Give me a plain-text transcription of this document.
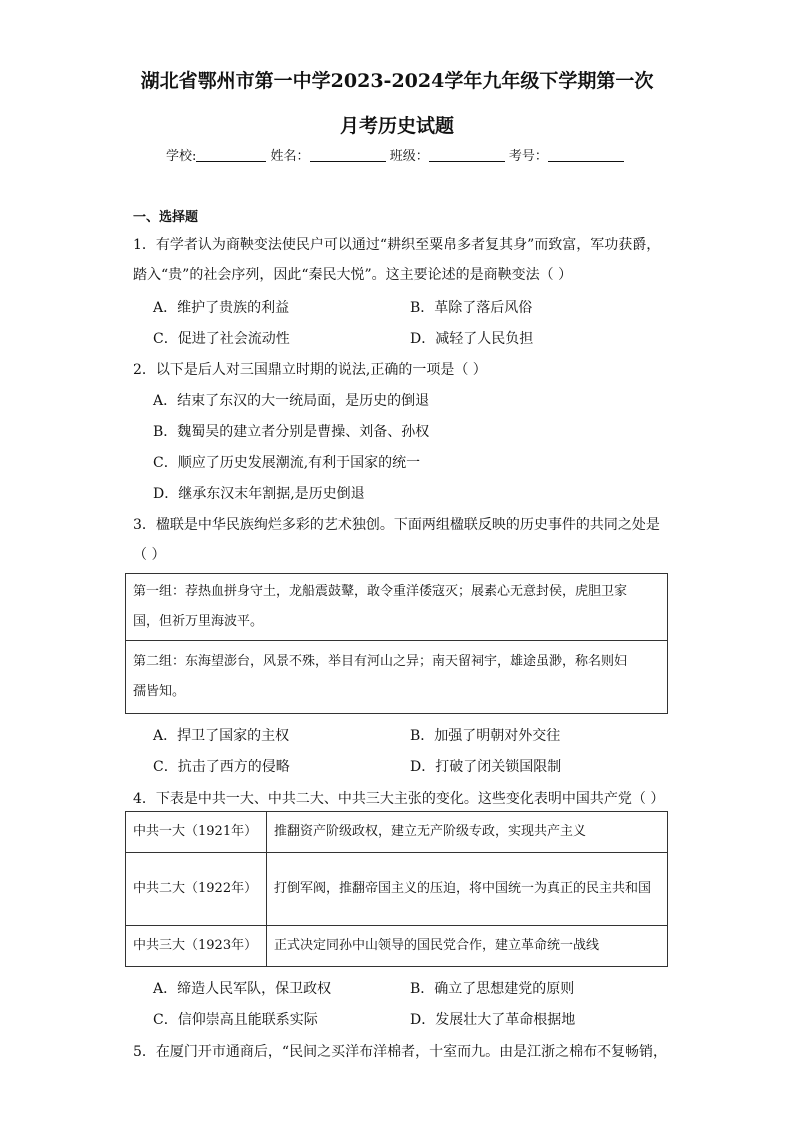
湖北省鄂州市第一中学2023-2024学年九年级下学期第一次
月考历史试题
学校:	姓名：	班级：	考号：
一、选择题
1．有学者认为商鞅变法使民户可以通过“耕织至粟帛多者复其身”而致富，军功获爵，
踏入“贵”的社会序列，因此“秦民大悦”。这主要论述的是商鞅变法（ ）
A．维护了贵族的利益	B．革除了落后风俗
C．促进了社会流动性	D．减轻了人民负担
2．以下是后人对三国鼎立时期的说法,正确的一项是（ ）
A．结束了东汉的大一统局面，是历史的倒退
B．魏蜀吴的建立者分别是曹操、刘备、孙权
C．顺应了历史发展潮流,有利于国家的统一
D．继承东汉末年割据,是历史倒退
3．楹联是中华民族绚烂多彩的艺术独创。下面两组楹联反映的历史事件的共同之处是
（ ）
第一组：荐热血拼身守土，龙船震鼓鼙，敢令重洋倭寇灭；展素心无意封侯，虎胆卫家
国，但祈万里海波平。

第二组：东海望澎台，风景不殊，举目有河山之异；南天留祠宇，雄途虽渺，称名则妇
孺皆知。
A．捍卫了国家的主权	B．加强了明朝对外交往
C．抗击了西方的侵略	D．打破了闭关锁国限制
4．下表是中共一大、中共二大、中共三大主张的变化。这些变化表明中国共产党（ ）
中共一大（1921年）	推翻资产阶级政权，建立无产阶级专政，实现共产主义
中共二大（1922年）	打倒军阀，推翻帝国主义的压迫，将中国统一为真正的民主共和国
中共三大（1923年）	正式决定同孙中山领导的国民党合作，建立革命统一战线
A．缔造人民军队，保卫政权	B．确立了思想建党的原则
C．信仰崇高且能联系实际	D．发展壮大了革命根据地
5．在厦门开市通商后，“民间之买洋布洋棉者，十室而九。由是江浙之棉布不复畅销，
